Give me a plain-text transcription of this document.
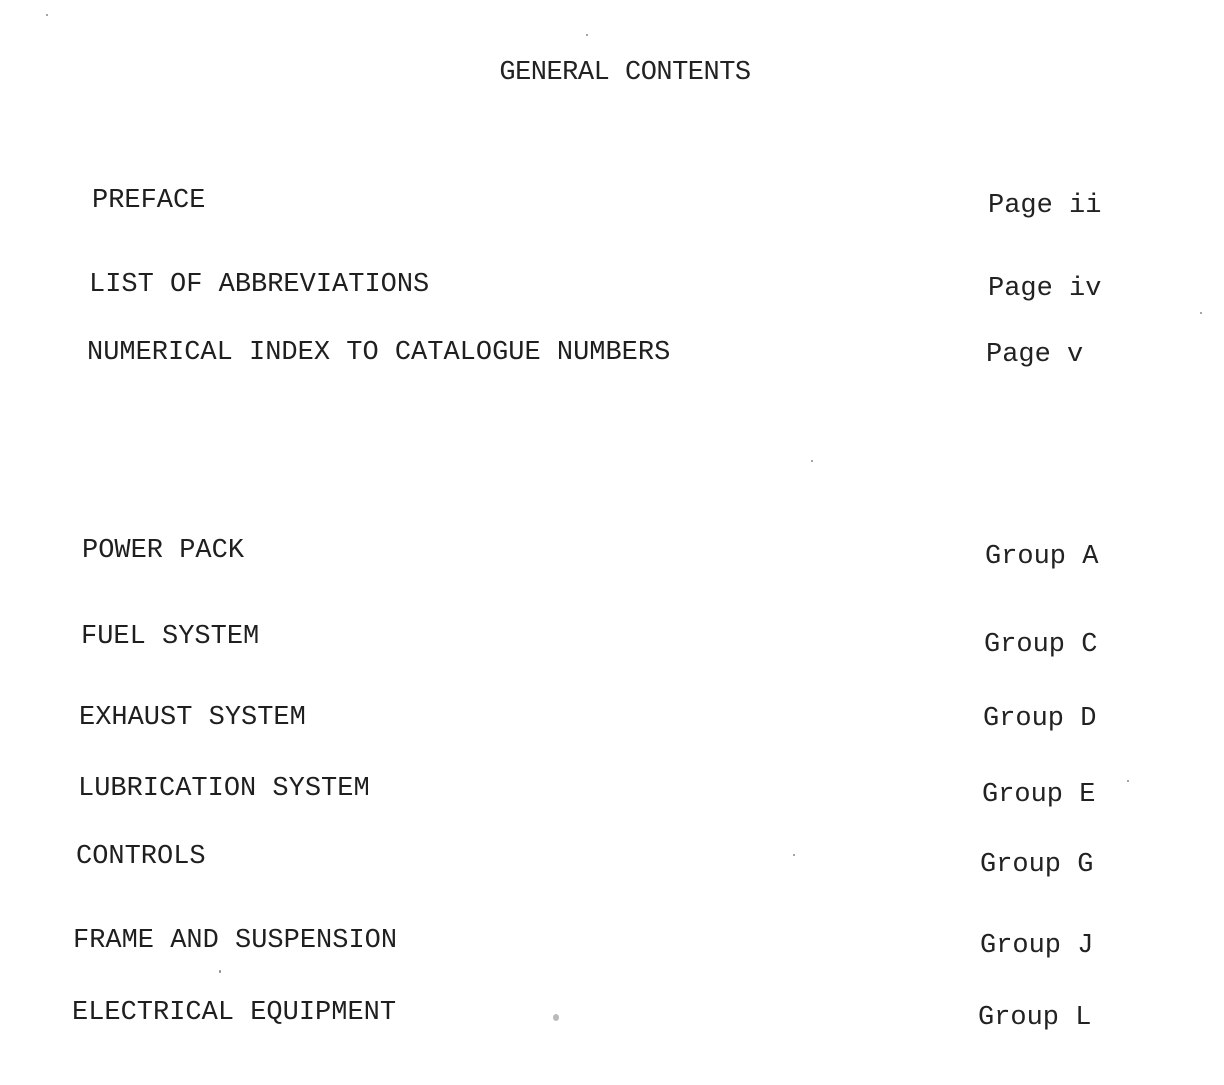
GENERAL CONTENTS
PREFACE	Page ii
LIST OF ABBREVIATIONS	Page iv
NUMERICAL INDEX TO CATALOGUE NUMBERS	Page v
POWER PACK	Group A
FUEL SYSTEM	Group C
EXHAUST SYSTEM	Group D
LUBRICATION SYSTEM	Group E
CONTROLS	Group G
FRAME AND SUSPENSION	Group J
ELECTRICAL EQUIPMENT	Group L
